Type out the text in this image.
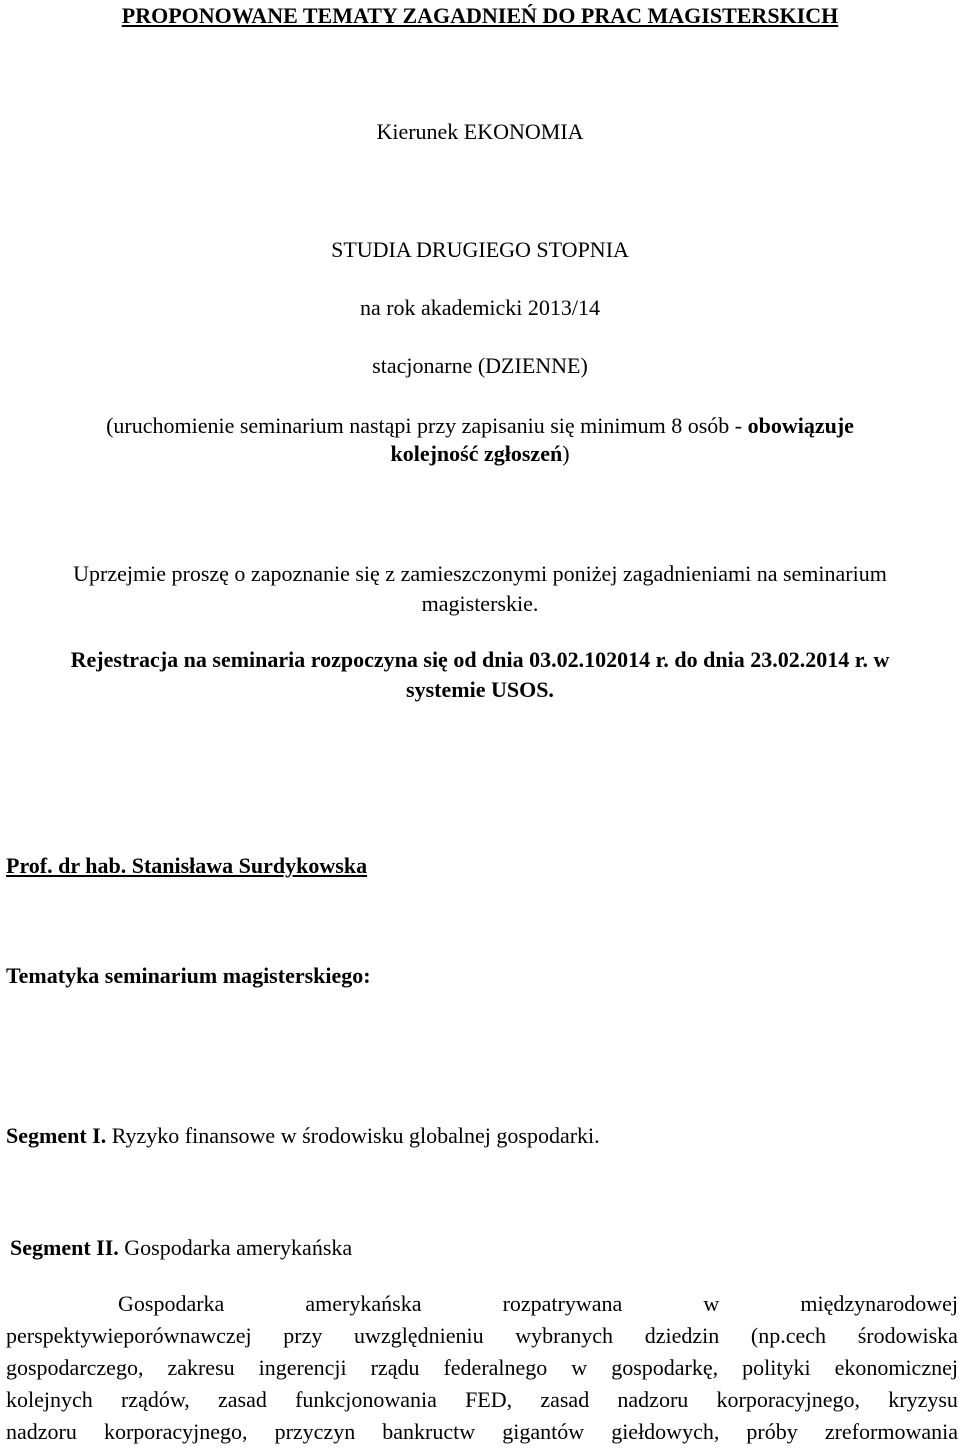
PROPONOWANE TEMATY ZAGADNIEŃ DO PRAC MAGISTERSKICH
Kierunek EKONOMIA
STUDIA DRUGIEGO STOPNIA
na rok akademicki 2013/14
stacjonarne (DZIENNE)
(uruchomienie seminarium nastąpi przy zapisaniu się minimum 8 osób - obowiązuje
kolejność zgłoszeń)
Uprzejmie proszę o zapoznanie się z zamieszczonymi poniżej zagadnieniami na seminarium
magisterskie.
Rejestracja na seminaria rozpoczyna się od dnia 03.02.102014 r. do dnia 23.02.2014 r. w
systemie USOS.
Prof. dr hab. Stanisława Surdykowska
Tematyka seminarium magisterskiego:
Segment I. Ryzyko finansowe w środowisku globalnej gospodarki.
Segment II. Gospodarka amerykańska
Gospodarka	amerykańska	rozpatrywana	w	międzynarodowej
perspektywieporównawczej przy uwzględnieniu wybranych dziedzin (np.cech środowiska
gospodarczego, zakresu ingerencji rządu federalnego w gospodarkę, polityki ekonomicznej
kolejnych rządów, zasad funkcjonowania FED, zasad nadzoru korporacyjnego, kryzysu
nadzoru korporacyjnego, przyczyn bankructw gigantów giełdowych, próby zreformowania
